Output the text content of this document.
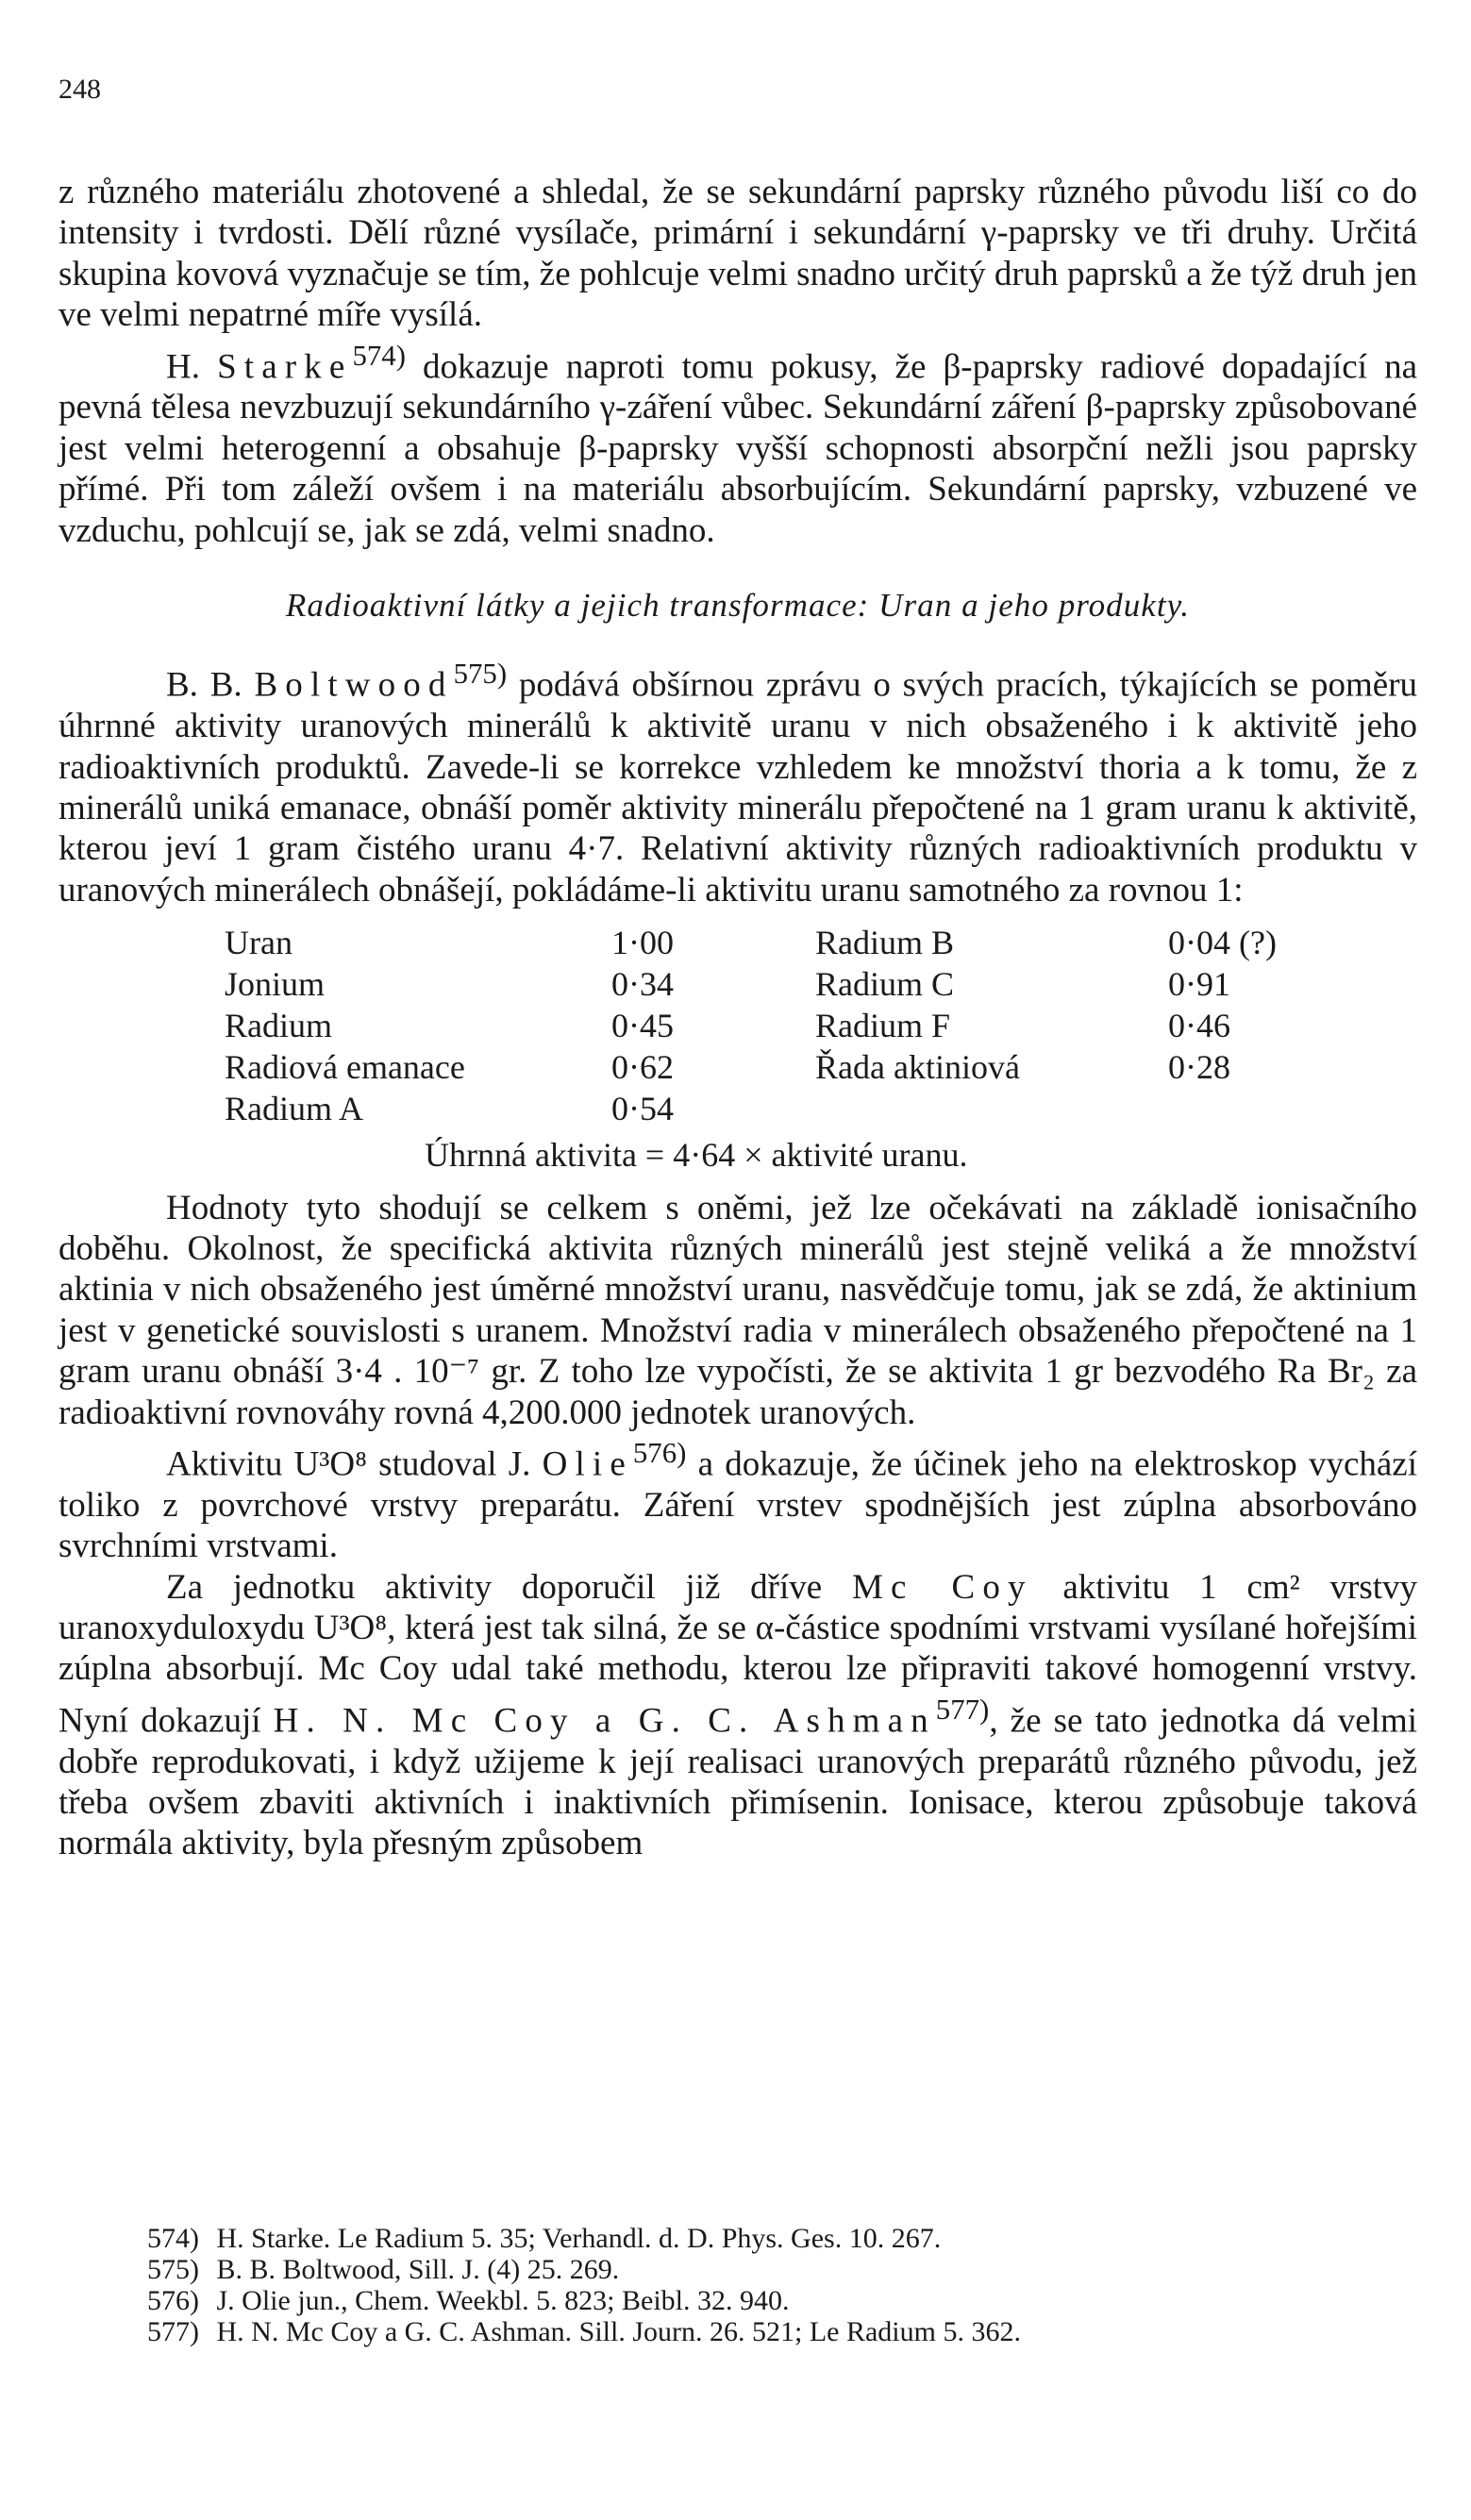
248

z různého materiálu zhotovené a shledal, že se sekundární paprsky různého původu liší co do intensity i tvrdosti. Dělí různé vysílače, primární i sekundární γ-paprsky ve tři druhy. Určitá skupina kovová vyznačuje se tím, že pohlcuje velmi snadno určitý druh paprsků a že týž druh jen ve velmi nepatrné míře vysílá.

H. Starke$^{574)}$ dokazuje naproti tomu pokusy, že β-paprsky radiové dopadající na pevná tělesa nevzbuzují sekundárního γ-záření vůbec. Sekundární záření β-paprsky způsobované jest velmi heterogenní a obsahuje β-paprsky vyšší schopnosti absorpční nežli jsou paprsky přímé. Při tom záleží ovšem i na materiálu absorbujícím. Sekundární paprsky, vzbuzené ve vzduchu, pohlcují se, jak se zdá, velmi snadno.

Radioaktivní látky a jejich transformace: Uran a jeho produkty.

B. B. Boltwood$^{575)}$ podává obšírnou zprávu o svých pracích, týkajících se poměru úhrnné aktivity uranových minerálů k aktivitě uranu v nich obsaženého i k aktivitě jeho radioaktivních produktů. Zavede-li se korrekce vzhledem ke množství thoria a k tomu, že z minerálů uniká emanace, obnáší poměr aktivity minerálu přepočtené na 1 gram uranu k aktivitě, kterou jeví 1 gram čistého uranu 4·7. Relativní aktivity různých radioaktivních produktu v uranových minerálech obnášejí, pokládáme-li aktivitu uranu samotného za rovnou 1:

Uran	1·00	Radium B	0·04 (?)
Jonium	0·34	Radium C	0·91
Radium	0·45	Radium F	0·46
Radiová emanace	0·62	Řada aktiniová	0·28
Radium A	0·54		
Úhrnná aktivita = 4·64 × aktivité uranu.

Hodnoty tyto shodují se celkem s oněmi, jež lze očekávati na základě ionisačního doběhu. Okolnost, že specifická aktivita různých minerálů jest stejně veliká a že množství aktinia v nich obsaženého jest úměrné množství uranu, nasvědčuje tomu, jak se zdá, že aktinium jest v genetické souvislosti s uranem. Množství radia v minerálech obsaženého přepočtené na 1 gram uranu obnáší 3·4 . 10⁻⁷ gr. Z toho lze vypočísti, že se aktivita 1 gr bezvodého Ra Br₂ za radioaktivní rovnováhy rovná 4,200.000 jednotek uranových.

Aktivitu U³O⁸ studoval J. Olie$^{576)}$ a dokazuje, že účinek jeho na elektroskop vychází toliko z povrchové vrstvy preparátu. Záření vrstev spodnějších jest zúplna absorbováno svrchními vrstvami.

Za jednotku aktivity doporučil již dříve Mc Coy aktivitu 1 cm² vrstvy uranoxyduloxydu U³O⁸, která jest tak silná, že se α-částice spodními vrstvami vysílané hořejšími zúplna absorbují. Mc Coy udal také methodu, kterou lze připraviti takové homogenní vrstvy. Nyní dokazují H. N. Mc Coy a G. C. Ashman$^{577)}$, že se tato jednotka dá velmi dobře reprodukovati, i když užijeme k její realisaci uranových preparátů různého původu, jež třeba ovšem zbaviti aktivních i inaktivních přimísenin. Ionisace, kterou způsobuje taková normála aktivity, byla přesným způsobem

574) H. Starke. Le Radium 5. 35; Verhandl. d. D. Phys. Ges. 10. 267.

575) B. B. Boltwood, Sill. J. (4) 25. 269.

576) J. Olie jun., Chem. Weekbl. 5. 823; Beibl. 32. 940.

577) H. N. Mc Coy a G. C. Ashman. Sill. Journ. 26. 521; Le Radium 5. 362.
